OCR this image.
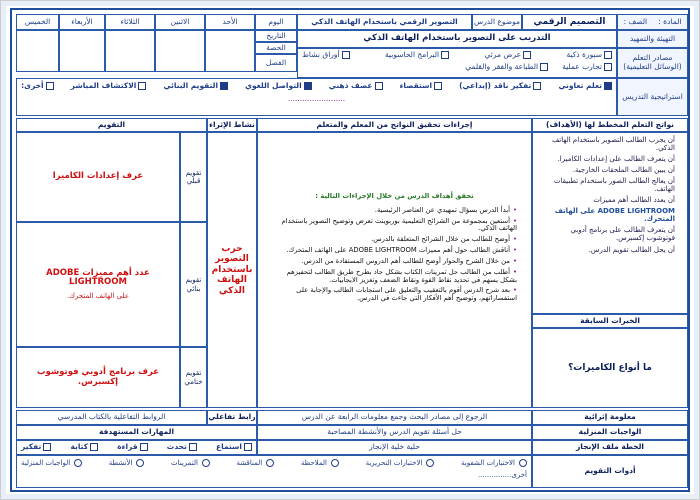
المادة :
الصف :
التصميم الرقمي
موضوع الدرس
التصوير الرقمي باستخدام الهاتف الذكي
اليوم
الأحد
الاثنين
الثلاثاء
الأربعاء
الخميس
التهيئة والتمهيد
التدريب على التصوير باستخدام الهاتف الذكي
التاريخ
الحصة
الفصل	مصادر التعلم (الوسائل التعليمية)
سبورة ذكية
عرض مرئي
البرامج الحاسوبية
أوراق نشاط
تجارب عملية
الطباعة والفقر والقلمي
استراتيجية التدريس
تعلم تعاوني
تفكير ناقد (إبداعي)
استقصاء
عصف ذهني
التواصل اللغوي
التقويم البنائي
الاكتشاف المباشر
أخرى:
........................
نواتج التعلم المخطط لها (الأهداف)
إجراءات تحقيق النواتج من المعلم والمتعلم
نشاط الإثراء
التقويم
أن يجرب الطالب التصوير باستخدام الهاتف الذكي.
أن يتعرف الطالب على إعدادات الكاميرا.
أن يبين الطالب الملحقات الخارجية.
أن يعالج الطالب الصور باستخدام تطبيقات الهاتف.
أن يعدد الطالب أهم مميزات
ADOBE LIGHTROOM على الهاتف المتحرك.
أن يتعرف الطالب على برنامج أدوبي فوتوشوب إكسبرس.
أن يحل الطالب تقويم الدرس.
الخبرات السابقة
ما أنواع الكاميرات؟
تحقق أهداف الدرس من خلال الإجراءات التالية :
• أبدأ الدرس بسؤال تمهيدي عن العناصر الرئيسية.
• أستعين بمجموعة من الشرائح التعليمية بوربوينت تعرض وتوضيح التصوير باستخدام الهاتف الذكي.
• أوضح للطالب من خلال الشرائح المتعلقة بالدرس.
• أناقش الطالب حول أهم مميزات ADOBE LIGHTROOM على الهاتف المتحرك.
• من خلال الشرح والحوار أوضح للطالب أهم الدروس المستفادة من الدرس.
• أطلب من الطالب حل تمرينات الكتاب بشكل جاد بطرح طريق الطالب لتحفيزهم بشكل يسهم في تحديد نقاط القوة ونقاط الضعف وتعزيز الايجابيات.
• بعد شرح الدرس أقوم بالتعقيب والتعليق على استجابات الطالب والإجابة على استفساراتهم، وتوضيح أهم الأفكار التي جاءت في الدرس.
حرب التصوير باستخدام الهاتف الذكي
تقويم قبلي
عرف إعدادات الكاميرا
تقويم بنائي
عدد أهم مميزات ADOBE LIGHTROOM
على الهاتف المتحرك.
تقويم ختامي
عرف برنامج أدوبي فوتوشوب إكسبرس.
معلومة إثرائية
الرجوع إلى مصادر البحث وجمع معلومات الرابعة عن الدرس
رابط تفاعلي
الروابط التفاعلية بالكتاب المدرسي
الواجبات المنزلية
حل أسئلة تقويم الدرس والأنشطة المصاحبة
المهارات المستهدفة
الخطة ملف الإنجاز
حلية خلية الإنجاز
استماع
تحدث
قراءة
كتابة
تفكير
أدوات التقويم
الاختبارات الشفوية
الاختبارات التحريرية
الملاحظة
المناقشة
التمرينات
الأنشطة
الواجبات المنزلية
أخرى...............
